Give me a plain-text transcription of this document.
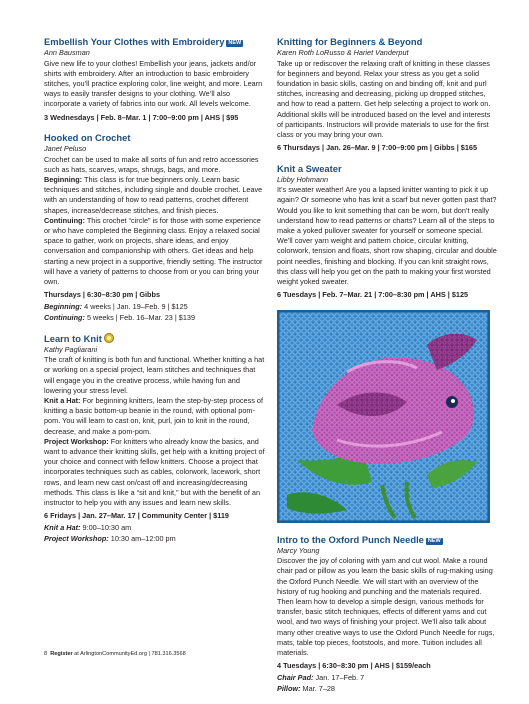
Embellish Your Clothes with Embroidery NEW
Ann Bausman

Give new life to your clothes! Embellish your jeans, jackets and/or shirts with embroidery. After an introduction to basic embroidery stitches, you’ll practice exploring color, line weight, and more. Learn ways to easily transfer designs to your clothing. We’ll also incorporate a variety of fabrics into our work. All levels welcome.

3 Wednesdays | Feb. 8–Mar. 1 | 7:00–9:00 pm | AHS | $95

Hooked on Crochet
Janet Peluso

Crochet can be used to make all sorts of fun and retro accessories such as hats, scarves, wraps, shrugs, bags, and more.

Beginning: This class is for true beginners only. Learn basic techniques and stitches, including single and double crochet. Leave with an understanding of how to read patterns, crochet different shapes, increase/decrease stitches, and finish pieces.

Continuing: This crochet “circle” is for those with some experience or who have completed the Beginning class. Enjoy a relaxed social space to gather, work on projects, share ideas, and enjoy conversation and companionship with others. Get ideas and help starting a new project in a supportive, friendly setting. The instructor will have a variety of patterns to choose from or you can bring your own.

Thursdays | 6:30–8:30 pm | Gibbs

Beginning: 4 weeks | Jan. 19–Feb. 9 | $125

Continuing: 5 weeks | Feb. 16–Mar. 23 | $139

Learn to Knit
Kathy Pagliarani

The craft of knitting is both fun and functional. Whether knitting a hat or working on a special project, learn stitches and techniques that will engage you in the creative process, while having fun and lowering your stress level.

Knit a Hat: For beginning knitters, learn the step-by-step process of knitting a basic bottom-up beanie in the round, with optional pom-pom. You will learn to cast on, knit, purl, join to knit in the round, decrease, and make a pom-pom.

Project Workshop: For knitters who already know the basics, and want to advance their knitting skills, get help with a knitting project of your choice and connect with fellow knitters. Choose a project that incorporates techniques such as cables, colorwork, lacework, short rows, and learn new cast on/cast off and increasing/decreasing methods. This class is like a “sit and knit,” but with the benefit of an instructor to help you with any issues and learn new skills.

6 Fridays | Jan. 27–Mar. 17 | Community Center | $119

Knit a Hat: 9:00–10:30 am

Project Workshop: 10:30 am–12:00 pm

Knitting for Beginners & Beyond
Karen Roth LoRusso & Hariet Vanderput

Take up or rediscover the relaxing craft of knitting in these classes for beginners and beyond. Relax your stress as you get a solid foundation in basic skills, casting on and binding off, knit and purl stitches, increasing and decreasing, picking up dropped stitches, and how to read a pattern. Get help selecting a project to work on. Additional skills will be introduced based on the level and interests of participants. Instructors will provide materials to use for the first class or you may bring your own.

6 Thursdays | Jan. 26–Mar. 9 | 7:00–9:00 pm | Gibbs | $165

Knit a Sweater
Libby Hohmann

It’s sweater weather! Are you a lapsed knitter wanting to pick it up again? Or someone who has knit a scarf but never gotten past that? Would you like to knit something that can be worn, but don’t really understand how to read patterns or charts? Learn all of the steps to make a yoked pullover sweater for yourself or someone special. We’ll cover yarn weight and pattern choice, circular knitting, colorwork, tension and floats, short row shaping, circular and double point needles, finishing and blocking. If you can knit straight rows, this class will help you get on the path to making your first worsted weight yoked sweater.

6 Tuesdays | Feb. 7–Mar. 21 | 7:00–8:30 pm | AHS | $125

Intro to the Oxford Punch Needle NEW
Marcy Young

Discover the joy of coloring with yarn and cut wool. Make a round chair pad or pillow as you learn the basic skills of rug-making using the Oxford Punch Needle. We will start with an overview of the history of rug hooking and punching and the materials required. Then learn how to develop a simple design, various methods for transfer, basic stitch techniques, effects of different yarns and cut wool, and two ways of finishing your project. We’ll also talk about many other creative ways to use the Oxford Punch Needle for rugs, mats, table top pieces, footstools, and more. Tuition includes all materials.

4 Tuesdays | 6:30–8:30 pm | AHS | $159/each

Chair Pad: Jan. 17–Feb. 7

Pillow: Mar. 7–28

8 Register at ArlingtonCommunityEd.org | 781.316.3568
